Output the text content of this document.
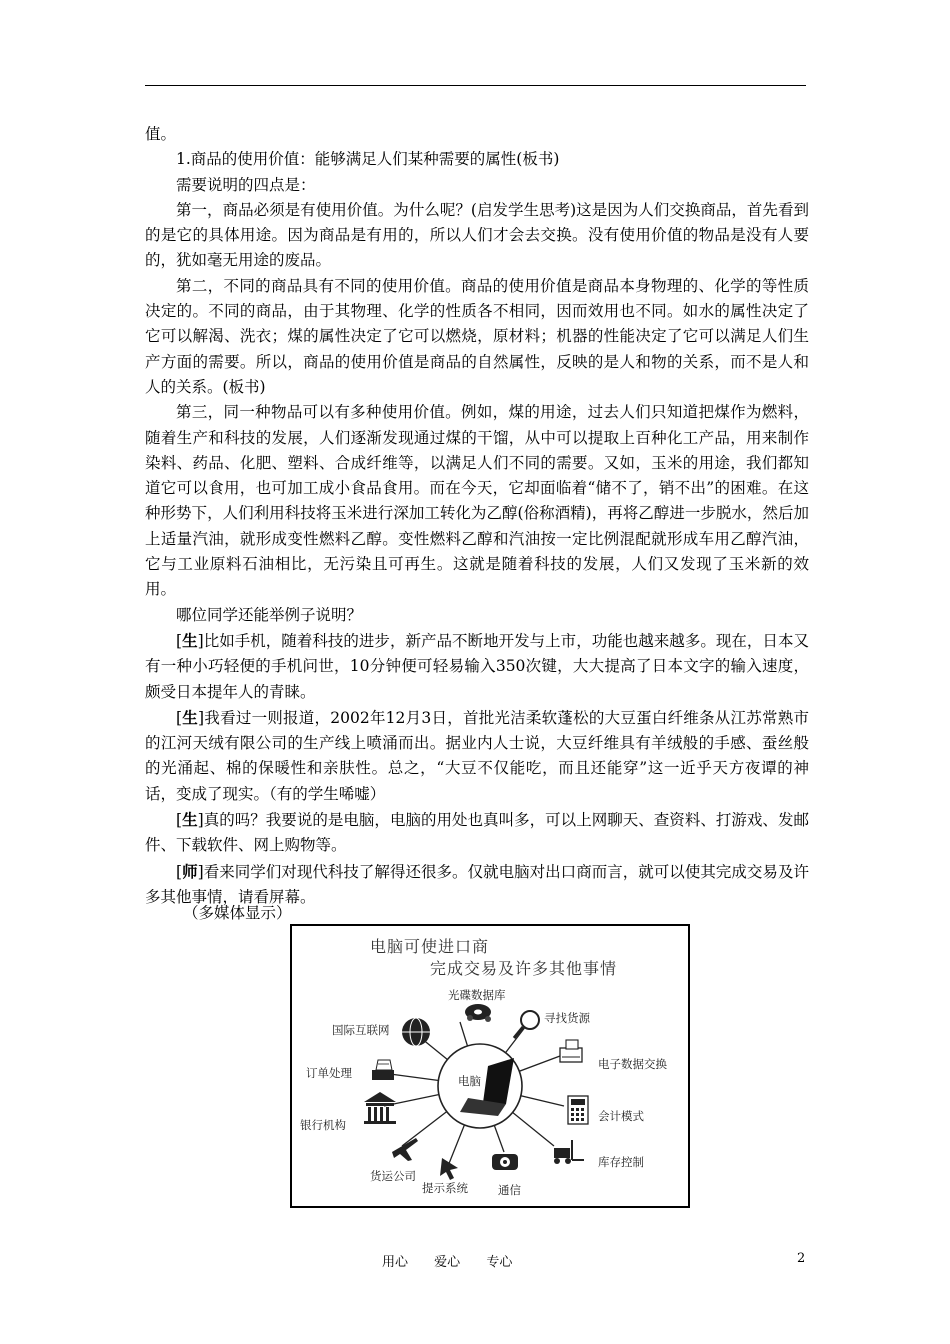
值。

1.商品的使用价值：能够满足人们某种需要的属性(板书)

需要说明的四点是：

第一，商品必须是有使用价值。为什么呢？(启发学生思考)这是因为人们交换商品，首先看到的是它的具体用途。因为商品是有用的，所以人们才会去交换。没有使用价值的物品是没有人要的，犹如毫无用途的废品。

第二，不同的商品具有不同的使用价值。商品的使用价值是商品本身物理的、化学的等性质决定的。不同的商品，由于其物理、化学的性质各不相同，因而效用也不同。如水的属性决定了它可以解渴、洗衣；煤的属性决定了它可以燃烧，原材料；机器的性能决定了它可以满足人们生产方面的需要。所以，商品的使用价值是商品的自然属性，反映的是人和物的关系，而不是人和人的关系。(板书)

第三，同一种物品可以有多种使用价值。例如，煤的用途，过去人们只知道把煤作为燃料，随着生产和科技的发展，人们逐渐发现通过煤的干馏，从中可以提取上百种化工产品，用来制作染料、药品、化肥、塑料、合成纤维等，以满足人们不同的需要。又如，玉米的用途，我们都知道它可以食用，也可加工成小食品食用。而在今天，它却面临着“储不了，销不出”的困难。在这种形势下，人们利用科技将玉米进行深加工转化为乙醇(俗称酒精)，再将乙醇进一步脱水，然后加上适量汽油，就形成变性燃料乙醇。变性燃料乙醇和汽油按一定比例混配就形成车用乙醇汽油，它与工业原料石油相比，无污染且可再生。这就是随着科技的发展，人们又发现了玉米新的效用。

哪位同学还能举例子说明？

[生]比如手机，随着科技的进步，新产品不断地开发与上市，功能也越来越多。现在，日本又有一种小巧轻便的手机问世，10分钟便可轻易输入350次键，大大提高了日本文字的输入速度，颇受日本提年人的青睐。

[生]我看过一则报道，2002年12月3日，首批光洁柔软蓬松的大豆蛋白纤维条从江苏常熟市的江河天绒有限公司的生产线上喷涌而出。据业内人士说，大豆纤维具有羊绒般的手感、蚕丝般的光涌起、棉的保暖性和亲肤性。总之，“大豆不仅能吃，而且还能穿”这一近乎天方夜谭的神话，变成了现实。（有的学生唏嘘）

[生]真的吗？我要说的是电脑，电脑的用处也真叫多，可以上网聊天、查资料、打游戏、发邮件、下载软件、网上购物等。

[师]看来同学们对现代科技了解得还很多。仅就电脑对出口商而言，就可以使其完成交易及许多其他事情，请看屏幕。

（多媒体显示）
电脑可使进口商
完成交易及许多其他事情
电脑
光碟数据库
寻找货源
电子数据交换
会计模式
库存控制
通信
提示系统
货运公司
银行机构
订单处理
国际互联网
用心 爱心 专心	2
